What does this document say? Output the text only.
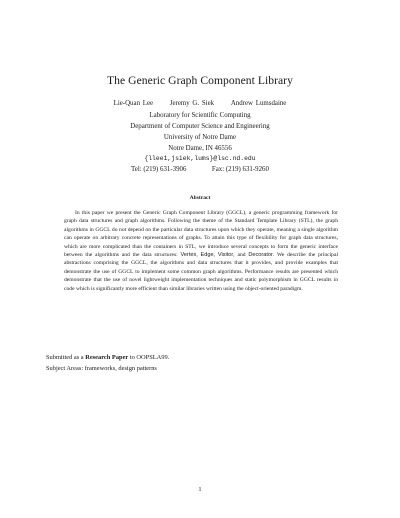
The Generic Graph Component Library
Lie-Quan Lee Jeremy G. Siek Andrew Lumsdaine
Laboratory for Scientific Computing
Department of Computer Science and Engineering
University of Notre Dame
Notre Dame, IN 46556
{llee1,jsiek,lums}@lsc.nd.edu
Tel: (219) 631-3906	Fax: (219) 631-9260
Abstract
In this paper we present the Generic Graph Component Library (GGCL), a generic programming framework for graph data structures and graph algorithms. Following the theme of the Standard Template Library (STL), the graph algorithms in GGCL do not depend on the particular data structures upon which they operate, meaning a single algorithm can operate on arbitrary concrete representations of graphs. To attain this type of flexibility for graph data structures, which are more complicated than the containers in STL, we introduce several concepts to form the generic interface between the algorithms and the data structures: Vertex, Edge, Visitor, and Decorator. We describe the principal abstractions comprising the GGCL, the algorithms and data structures that it provides, and provide examples that demonstrate the use of GGCL to implement some common graph algorithms. Performance results are presented which demonstrate that the use of novel lightweight implementation techniques and static polymorphism in GGCL results in code which is significantly more efficient than similar libraries written using the object-oriented paradigm.
Submitted as a Research Paper to OOPSLA99.
Subject Areas: frameworks, design patterns
1
